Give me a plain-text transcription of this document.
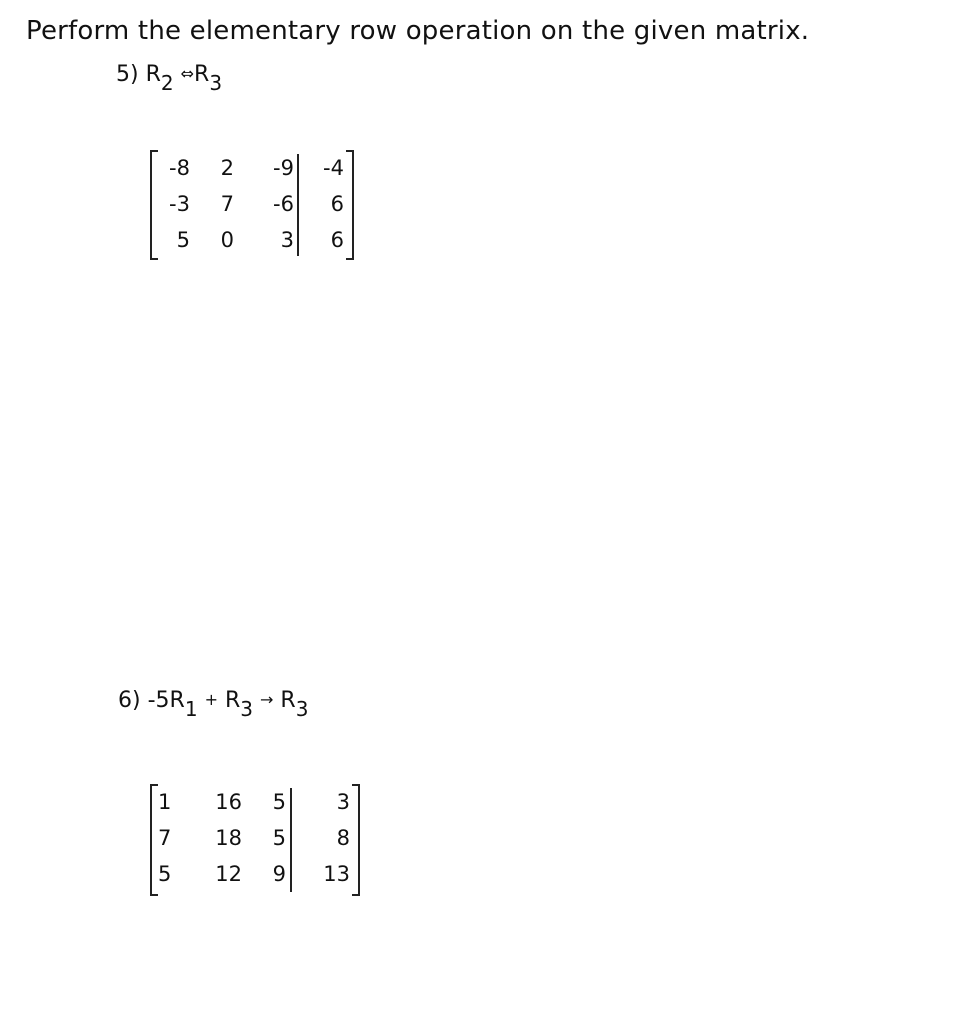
Perform the elementary row operation on the given matrix.
5) $R_2$ $\Leftrightarrow R_3$
-8	2	-9	-4
-3	7	-6	6
5	0	3	6
6) $-5R_1 + R_3 \to R_3$
1	16	5	3
7	18	5	8
5	12	9	13
